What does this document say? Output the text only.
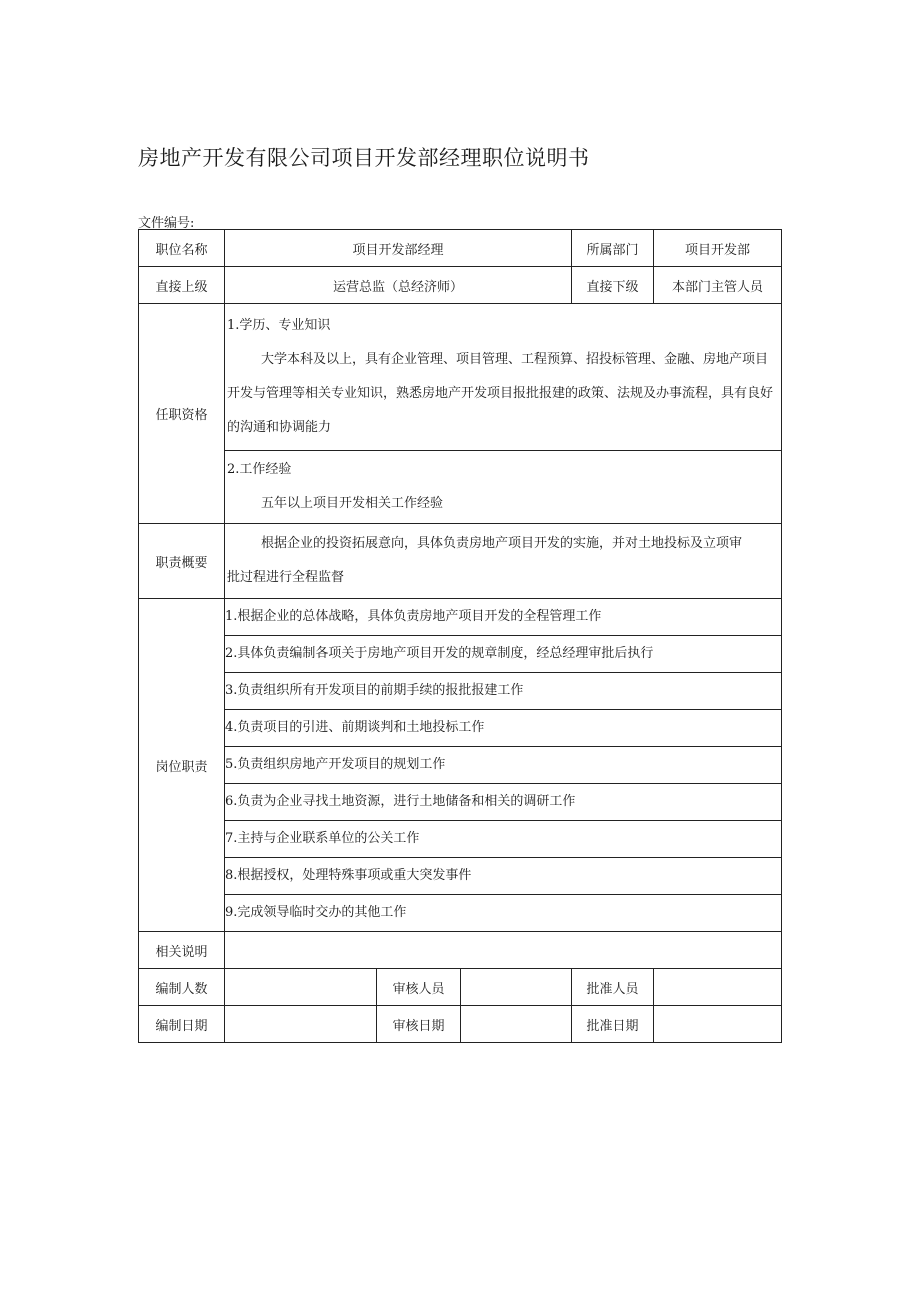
房地产开发有限公司项目开发部经理职位说明书
文件编号:
职位名称	项目开发部经理			所属部门	项目开发部
直接上级	运营总监（总经济师）			直接下级	本部门主管人员
任职资格	1.学历、专业知识
大学本科及以上，具有企业管理、项目管理、工程预算、招投标管理、金融、房地产项目开发与管理等相关专业知识，熟悉房地产开发项目报批报建的政策、法规及办事流程，具有良好的沟通和协调能力				

	2.工作经验
五年以上项目开发相关工作经验				

职责概要	根据企业的投资拓展意向，具体负责房地产项目开发的实施，并对土地投标及立项审批过程进行全程监督				

岗位职责	1.根据企业的总体战略，具体负责房地产项目开发的全程管理工作				
	2.具体负责编制各项关于房地产项目开发的规章制度，经总经理审批后执行				
	3.负责组织所有开发项目的前期手续的报批报建工作				
	4.负责项目的引进、前期谈判和土地投标工作				
	5.负责组织房地产开发项目的规划工作				
	6.负责为企业寻找土地资源，进行土地储备和相关的调研工作				
	7.主持与企业联系单位的公关工作				
	8.根据授权，处理特殊事项或重大突发事件				
	9.完成领导临时交办的其他工作				
相关说明					
编制人数		审核人员		批准人员	
编制日期		审核日期		批准日期	
